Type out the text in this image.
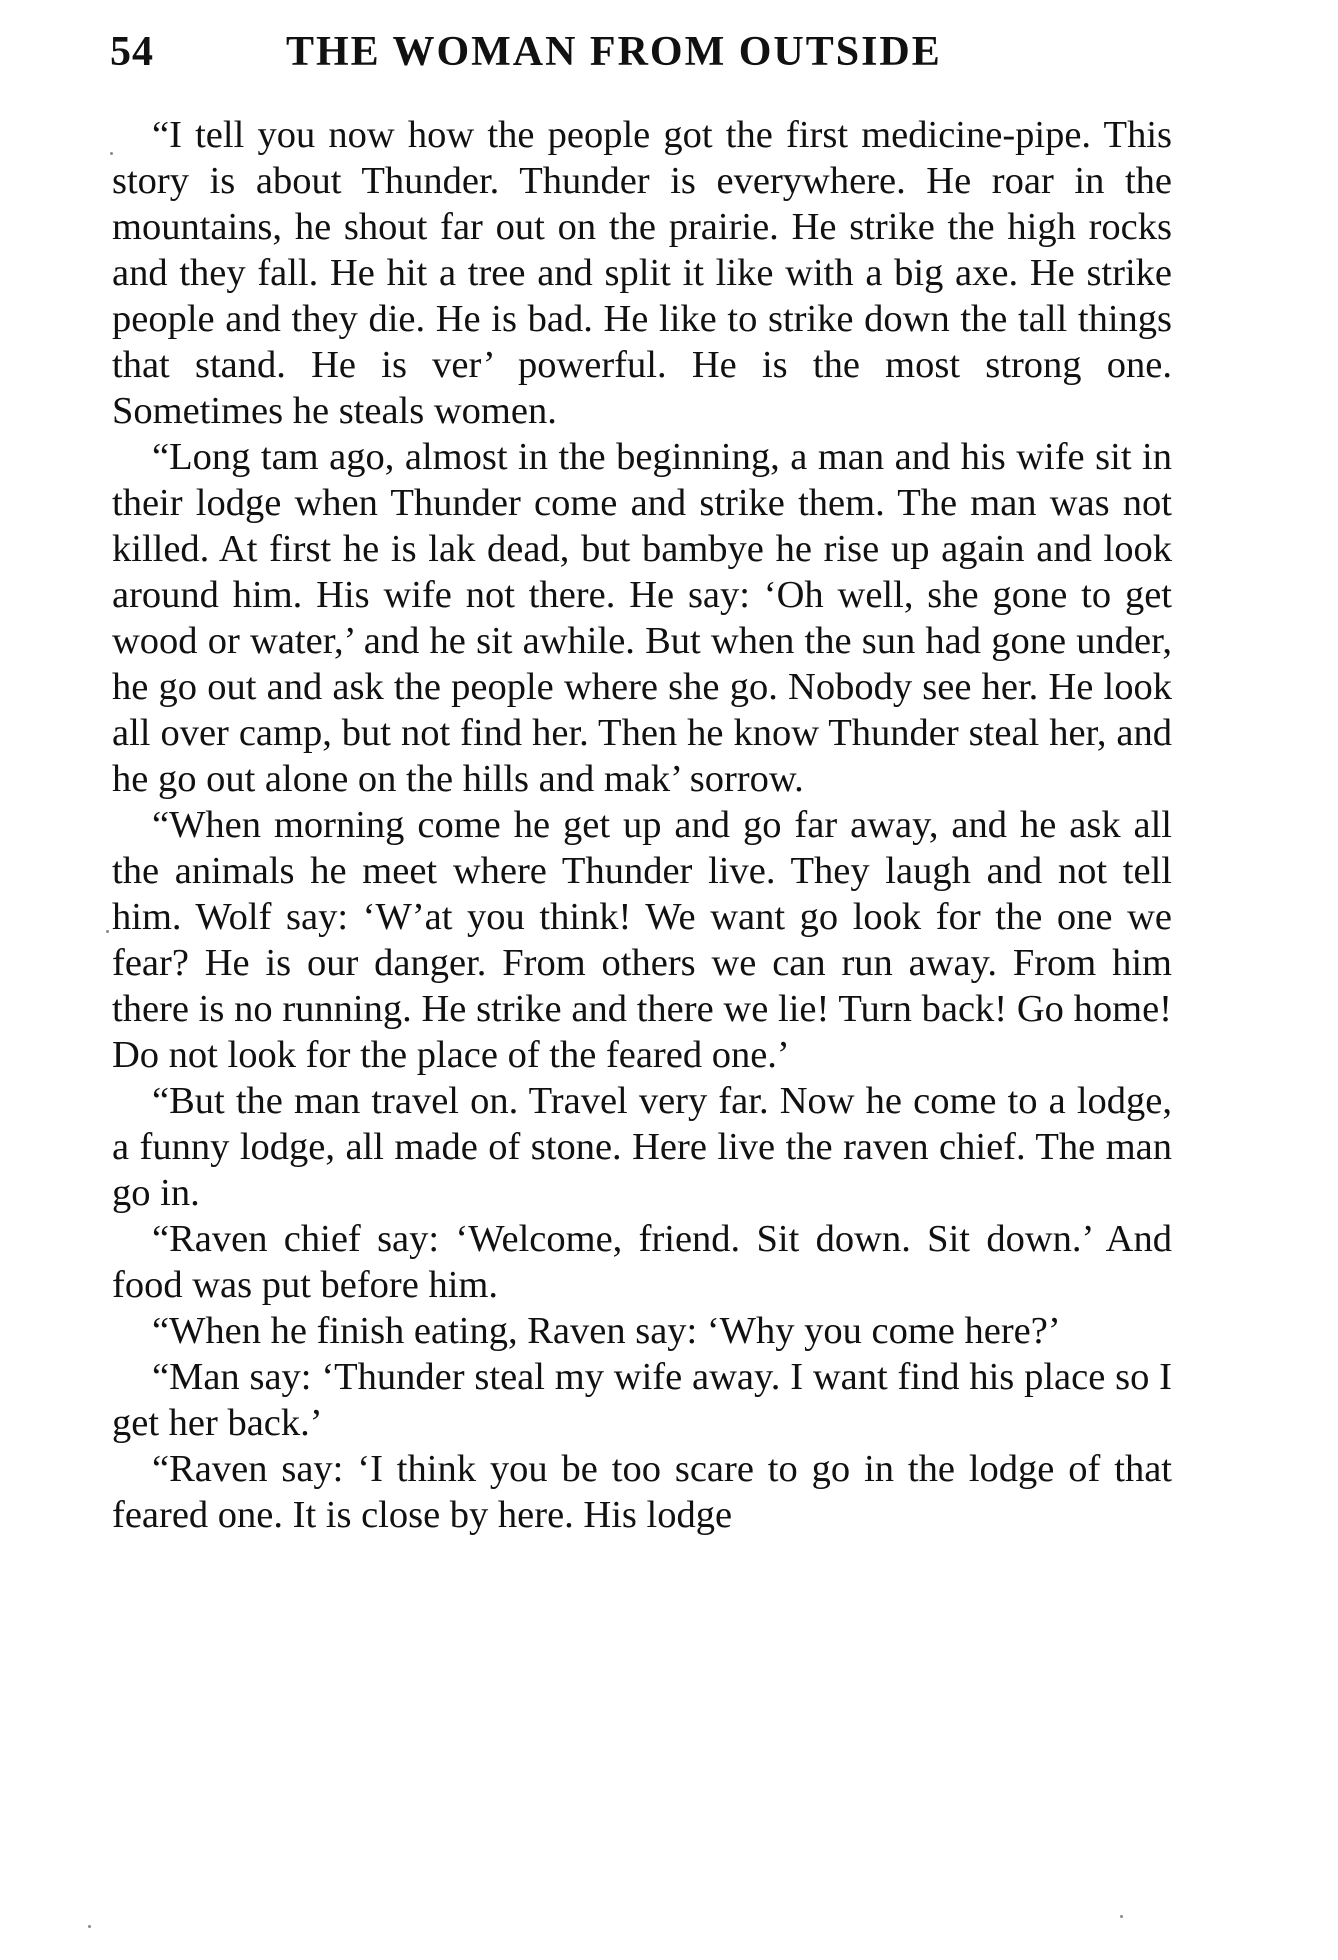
54	THE WOMAN FROM OUTSIDE

“I tell you now how the people got the first medicine-pipe. This story is about Thunder. Thunder is everywhere. He roar in the mountains, he shout far out on the prairie. He strike the high rocks and they fall. He hit a tree and split it like with a big axe. He strike people and they die. He is bad. He like to strike down the tall things that stand. He is ver’ powerful. He is the most strong one. Sometimes he steals women.

“Long tam ago, almost in the beginning, a man and his wife sit in their lodge when Thunder come and strike them. The man was not killed. At first he is lak dead, but bambye he rise up again and look around him. His wife not there. He say: ‘Oh well, she gone to get wood or water,’ and he sit awhile. But when the sun had gone under, he go out and ask the people where she go. Nobody see her. He look all over camp, but not find her. Then he know Thunder steal her, and he go out alone on the hills and mak’ sorrow.

“When morning come he get up and go far away, and he ask all the animals he meet where Thunder live. They laugh and not tell him. Wolf say: ‘W’at you think! We want go look for the one we fear? He is our danger. From others we can run away. From him there is no running. He strike and there we lie! Turn back! Go home! Do not look for the place of the feared one.’

“But the man travel on. Travel very far. Now he come to a lodge, a funny lodge, all made of stone. Here live the raven chief. The man go in.

“Raven chief say: ‘Welcome, friend. Sit down. Sit down.’ And food was put before him.

“When he finish eating, Raven say: ‘Why you come here?’

“Man say: ‘Thunder steal my wife away. I want find his place so I get her back.’

“Raven say: ‘I think you be too scare to go in the lodge of that feared one. It is close by here. His lodge
